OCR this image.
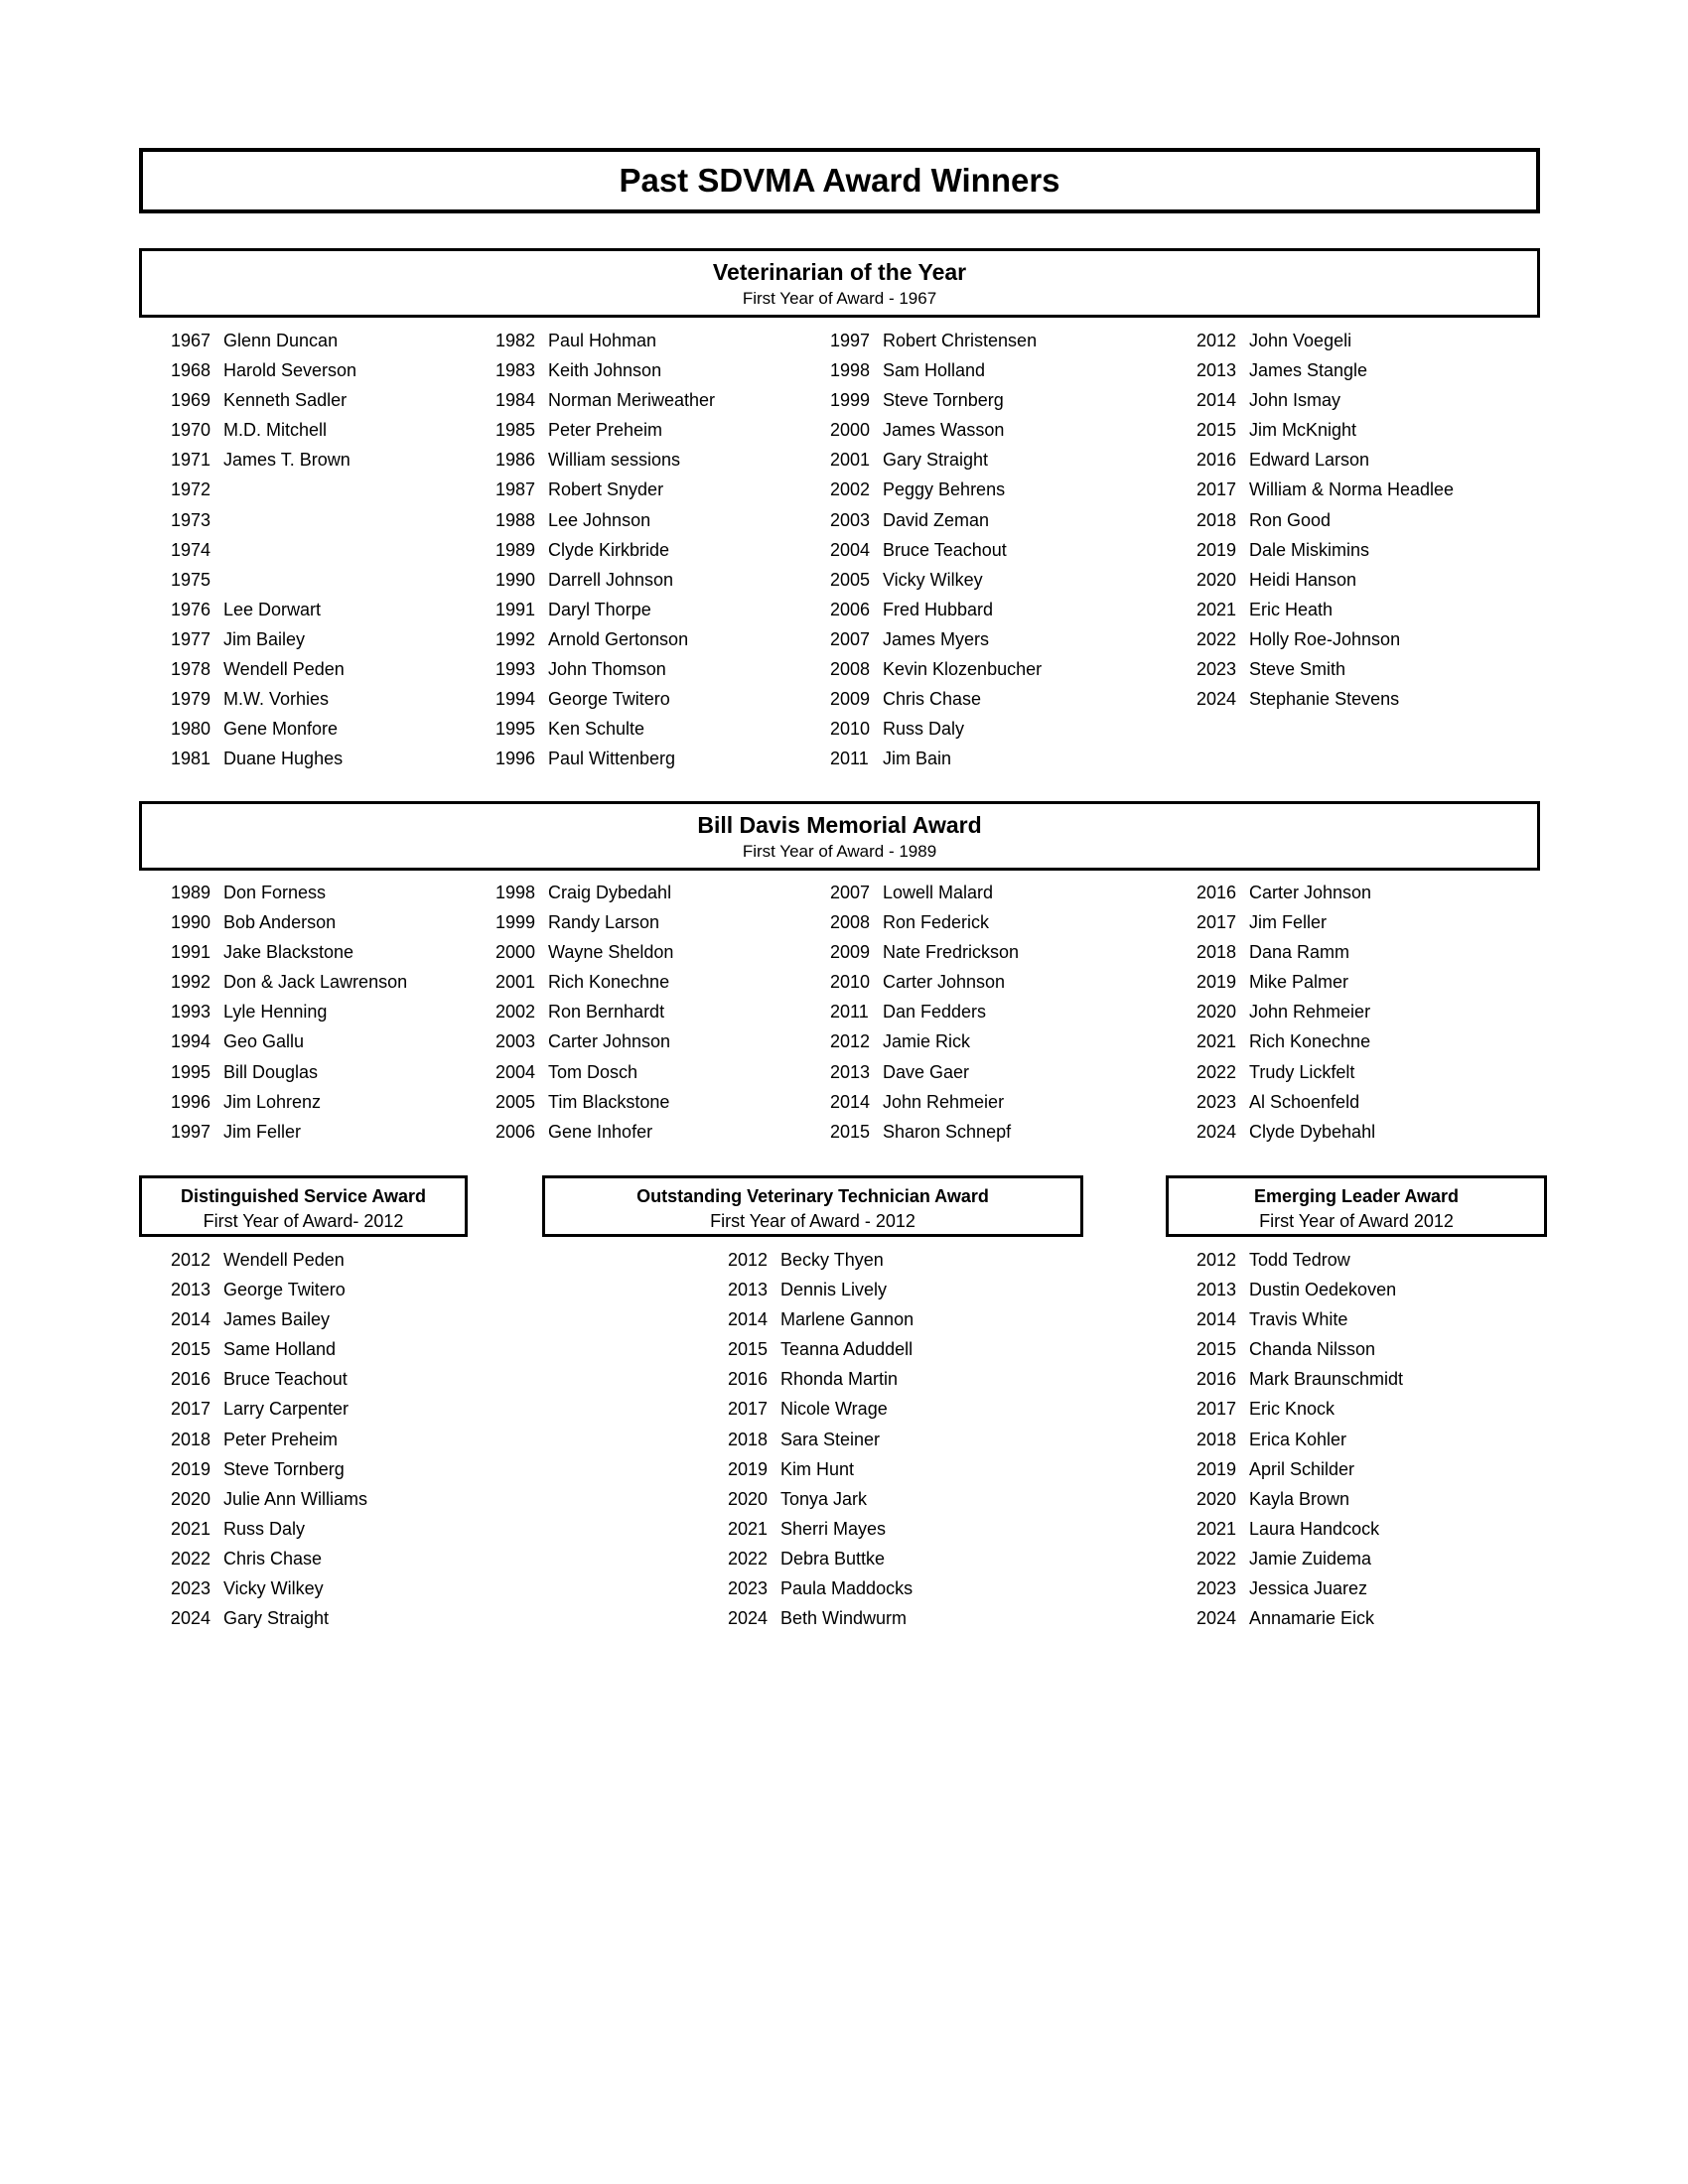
Past SDVMA Award Winners
Veterinarian of the Year
First Year of Award - 1967
1967 Glenn Duncan
1968 Harold Severson
1969 Kenneth Sadler
1970 M.D. Mitchell
1971 James T. Brown
1972
1973
1974
1975
1976 Lee Dorwart
1977 Jim Bailey
1978 Wendell Peden
1979 M.W. Vorhies
1980 Gene Monfore
1981 Duane Hughes
1982 Paul Hohman
1983 Keith Johnson
1984 Norman Meriweather
1985 Peter Preheim
1986 William sessions
1987 Robert Snyder
1988 Lee Johnson
1989 Clyde Kirkbride
1990 Darrell Johnson
1991 Daryl Thorpe
1992 Arnold Gertonson
1993 John Thomson
1994 George Twitero
1995 Ken Schulte
1996 Paul Wittenberg
1997 Robert Christensen
1998 Sam Holland
1999 Steve Tornberg
2000 James Wasson
2001 Gary Straight
2002 Peggy Behrens
2003 David Zeman
2004 Bruce Teachout
2005 Vicky Wilkey
2006 Fred Hubbard
2007 James Myers
2008 Kevin Klozenbucher
2009 Chris Chase
2010 Russ Daly
2011 Jim Bain
2012 John Voegeli
2013 James Stangle
2014 John Ismay
2015 Jim McKnight
2016 Edward Larson
2017 William & Norma Headlee
2018 Ron Good
2019 Dale Miskimins
2020 Heidi Hanson
2021 Eric Heath
2022 Holly Roe-Johnson
2023 Steve Smith
2024 Stephanie Stevens
Bill Davis Memorial Award
First Year of Award - 1989
1989 Don Forness
1990 Bob Anderson
1991 Jake Blackstone
1992 Don & Jack Lawrenson
1993 Lyle Henning
1994 Geo Gallu
1995 Bill Douglas
1996 Jim Lohrenz
1997 Jim Feller
1998 Craig Dybedahl
1999 Randy Larson
2000 Wayne Sheldon
2001 Rich Konechne
2002 Ron Bernhardt
2003 Carter Johnson
2004 Tom Dosch
2005 Tim Blackstone
2006 Gene Inhofer
2007 Lowell Malard
2008 Ron Federick
2009 Nate Fredrickson
2010 Carter Johnson
2011 Dan Fedders
2012 Jamie Rick
2013 Dave Gaer
2014 John Rehmeier
2015 Sharon Schnepf
2016 Carter Johnson
2017 Jim Feller
2018 Dana Ramm
2019 Mike Palmer
2020 John Rehmeier
2021 Rich Konechne
2022 Trudy Lickfelt
2023 Al Schoenfeld
2024 Clyde Dybehahl
Distinguished Service Award
First Year of Award- 2012
2012 Wendell Peden
2013 George Twitero
2014 James Bailey
2015 Same Holland
2016 Bruce Teachout
2017 Larry Carpenter
2018 Peter Preheim
2019 Steve Tornberg
2020 Julie Ann Williams
2021 Russ Daly
2022 Chris Chase
2023 Vicky Wilkey
2024 Gary Straight
Outstanding Veterinary Technician Award
First Year of Award - 2012
2012 Becky Thyen
2013 Dennis Lively
2014 Marlene Gannon
2015 Teanna Aduddell
2016 Rhonda Martin
2017 Nicole Wrage
2018 Sara Steiner
2019 Kim Hunt
2020 Tonya Jark
2021 Sherri Mayes
2022 Debra Buttke
2023 Paula Maddocks
2024 Beth Windwurm
Emerging Leader Award
First Year of Award 2012
2012 Todd Tedrow
2013 Dustin Oedekoven
2014 Travis White
2015 Chanda Nilsson
2016 Mark Braunschmidt
2017 Eric Knock
2018 Erica Kohler
2019 April Schilder
2020 Kayla Brown
2021 Laura Handcock
2022 Jamie Zuidema
2023 Jessica Juarez
2024 Annamarie Eick
